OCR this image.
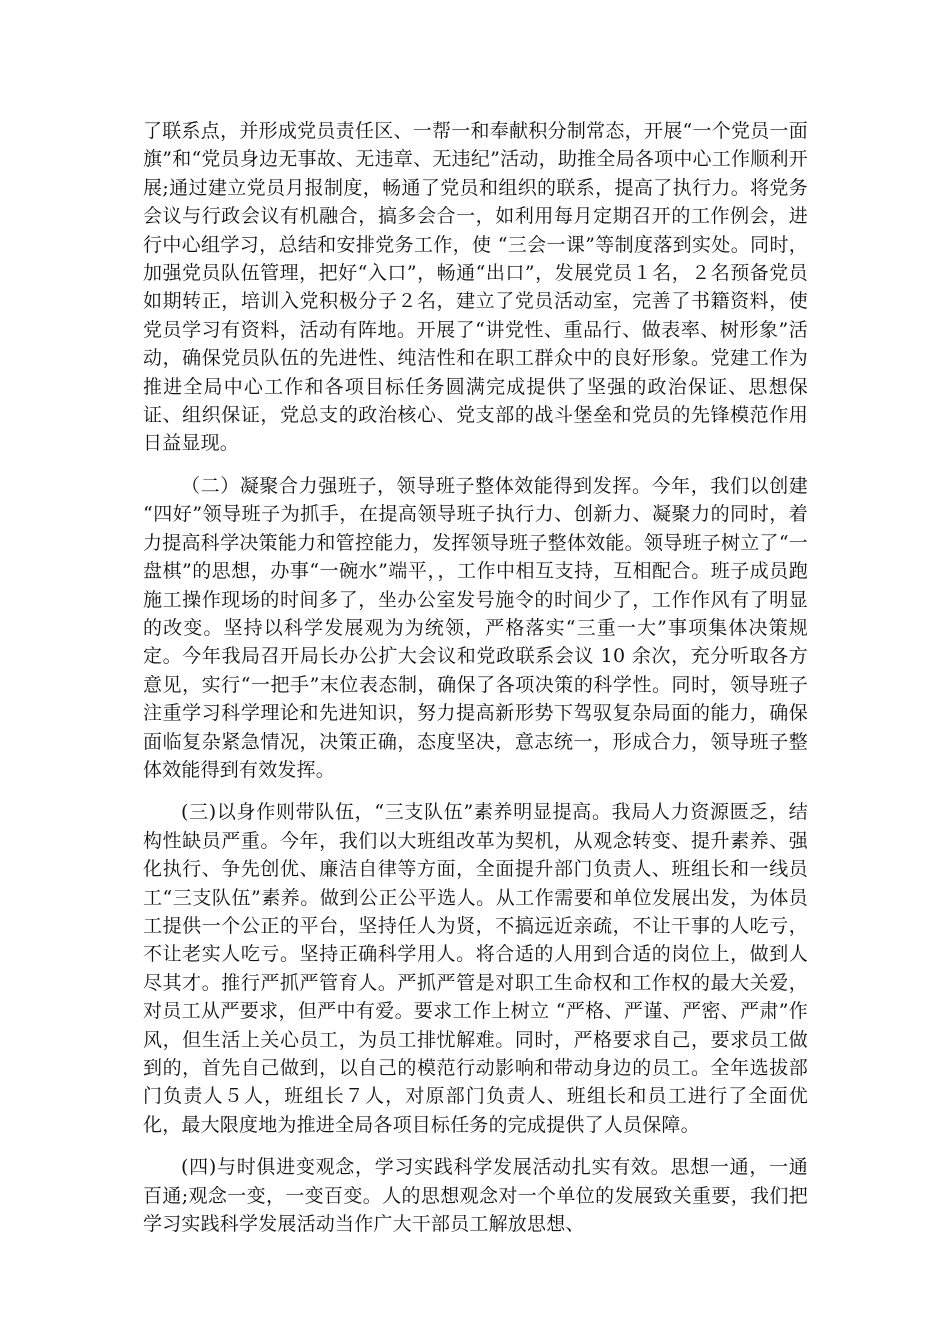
了联系点，并形成党员责任区、一帮一和奉献积分制常态，开展“一个党员一面旗”和“党员身边无事故、无违章、无违纪”活动，助推全局各项中心工作顺利开展;通过建立党员月报制度，畅通了党员和组织的联系，提高了执行力。将党务会议与行政会议有机融合，搞多会合一，如利用每月定期召开的工作例会，进行中心组学习，总结和安排党务工作，使 “三会一课”等制度落到实处。同时，加强党员队伍管理，把好“入口”，畅通“出口”，发展党员１名，２名预备党员如期转正，培训入党积极分子２名，建立了党员活动室，完善了书籍资料，使党员学习有资料，活动有阵地。开展了“讲党性、重品行、做表率、树形象”活动，确保党员队伍的先进性、纯洁性和在职工群众中的良好形象。党建工作为推进全局中心工作和各项目标任务圆满完成提供了坚强的政治保证、思想保证、组织保证，党总支的政治核心、党支部的战斗堡垒和党员的先锋模范作用日益显现。

（二）凝聚合力强班子，领导班子整体效能得到发挥。今年，我们以创建 “四好”领导班子为抓手，在提高领导班子执行力、创新力、凝聚力的同时，着力提高科学决策能力和管控能力，发挥领导班子整体效能。领导班子树立了“一盘棋”的思想，办事“一碗水”端平，，工作中相互支持，互相配合。班子成员跑施工操作现场的时间多了，坐办公室发号施令的时间少了，工作作风有了明显的改变。坚持以科学发展观为为统领，严格落实“三重一大”事项集体决策规定。今年我局召开局长办公扩大会议和党政联系会议 10 余次，充分听取各方意见，实行“一把手”末位表态制，确保了各项决策的科学性。同时，领导班子注重学习科学理论和先进知识，努力提高新形势下驾驭复杂局面的能力，确保面临复杂紧急情况，决策正确，态度坚决，意志统一，形成合力，领导班子整体效能得到有效发挥。

(三)以身作则带队伍，“三支队伍”素养明显提高。我局人力资源匮乏，结构性缺员严重。今年，我们以大班组改革为契机，从观念转变、提升素养、强化执行、争先创优、廉洁自律等方面，全面提升部门负责人、班组长和一线员工“三支队伍”素养。做到公正公平选人。从工作需要和单位发展出发，为体员工提供一个公正的平台，坚持任人为贤，不搞远近亲疏，不让干事的人吃亏，不让老实人吃亏。坚持正确科学用人。将合适的人用到合适的岗位上，做到人尽其才。推行严抓严管育人。严抓严管是对职工生命权和工作权的最大关爱，对员工从严要求，但严中有爱。要求工作上树立 “严格、严谨、严密、严肃”作风，但生活上关心员工，为员工排忧解难。同时，严格要求自己，要求员工做到的，首先自己做到，以自己的模范行动影响和带动身边的员工。全年选拔部门负责人５人，班组长７人，对原部门负责人、班组长和员工进行了全面优化，最大限度地为推进全局各项目标任务的完成提供了人员保障。

(四)与时俱进变观念，学习实践科学发展活动扎实有效。思想一通，一通百通;观念一变，一变百变。人的思想观念对一个单位的发展致关重要，我们把学习实践科学发展活动当作广大干部员工解放思想、
